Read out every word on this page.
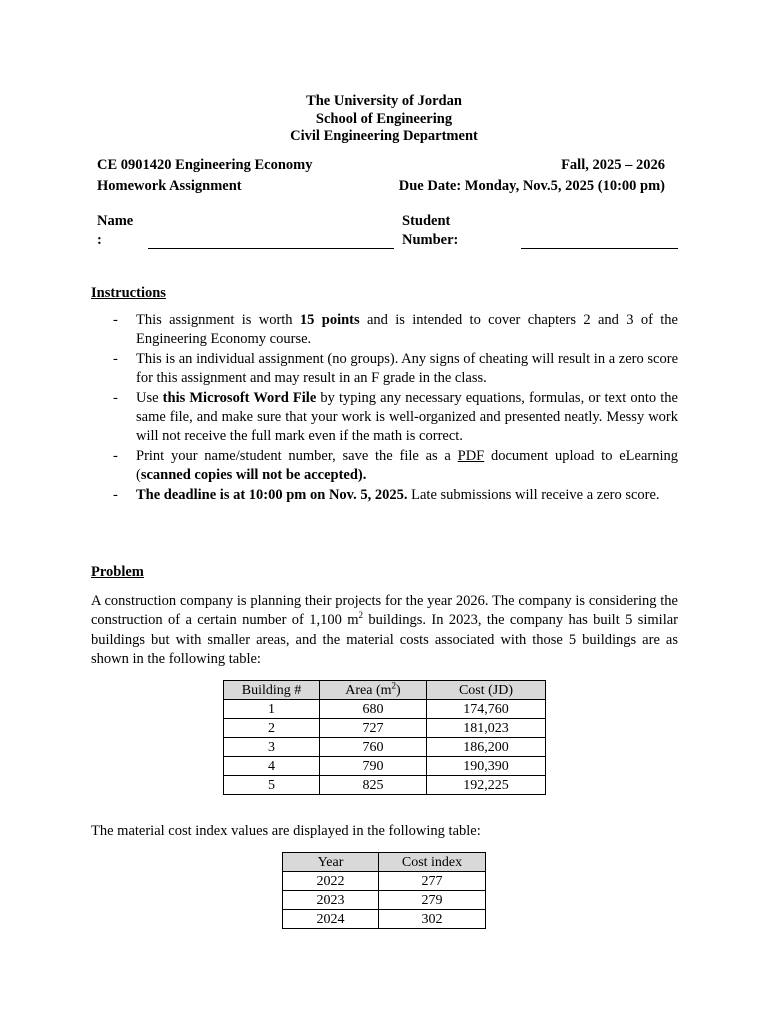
The University of Jordan
School of Engineering
Civil Engineering Department
CE 0901420 Engineering Economy	Fall, 2025 – 2026
Homework Assignment	Due Date: Monday, Nov.5, 2025 (10:00 pm)
Name
:
Student
Number:
Instructions
- This assignment is worth 15 points and is intended to cover chapters 2 and 3 of the Engineering Economy course.
- This is an individual assignment (no groups). Any signs of cheating will result in a zero score for this assignment and may result in an F grade in the class.
- Use this Microsoft Word File by typing any necessary equations, formulas, or text onto the same file, and make sure that your work is well-organized and presented neatly. Messy work will not receive the full mark even if the math is correct.
- Print your name/student number, save the file as a PDF document upload to eLearning (scanned copies will not be accepted).
- The deadline is at 10:00 pm on Nov. 5, 2025. Late submissions will receive a zero score.
Problem
A construction company is planning their projects for the year 2026. The company is considering the construction of a certain number of 1,100 $m^2$ buildings. In 2023, the company has built 5 similar buildings but with smaller areas, and the material costs associated with those 5 buildings are as shown in the following table:
Building #	Area $(m^2)$	Cost (JD)
1	680	174,760
2	727	181,023
3	760	186,200
4	790	190,390
5	825	192,225
The material cost index values are displayed in the following table:
Year	Cost index
2022	277
2023	279
2024	302
